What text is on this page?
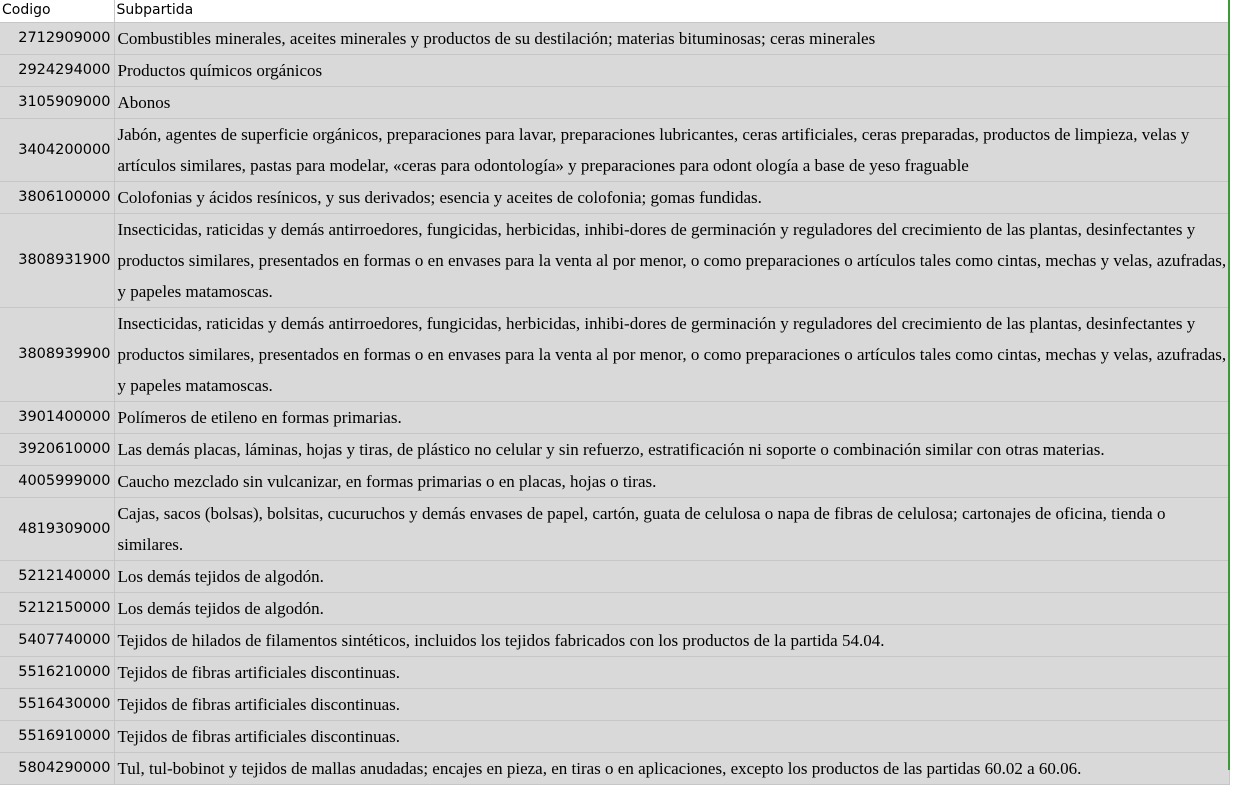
Codigo	Subpartida
2712909000	Combustibles minerales, aceites minerales y productos de su destilación; materias bituminosas; ceras minerales
2924294000	Productos químicos orgánicos
3105909000	Abonos
3404200000	Jabón, agentes de superficie orgánicos, preparaciones para lavar, preparaciones lubricantes, ceras artificiales, ceras preparadas, productos de limpieza, velas y artículos similares, pastas para modelar, «ceras para odontología» y preparaciones para odont ología a base de yeso fraguable
3806100000	Colofonias y ácidos resínicos, y sus derivados; esencia y aceites de colofonia; gomas fundidas.
3808931900	Insecticidas, raticidas y demás antirroedores, fungicidas, herbicidas, inhibi-dores de germinación y reguladores del crecimiento de las plantas, desinfectantes y productos similares, presentados en formas o en envases para la venta al por menor, o como preparaciones o artículos tales como cintas, mechas y velas, azufradas, y papeles matamoscas.
3808939900	Insecticidas, raticidas y demás antirroedores, fungicidas, herbicidas, inhibi-dores de germinación y reguladores del crecimiento de las plantas, desinfectantes y productos similares, presentados en formas o en envases para la venta al por menor, o como preparaciones o artículos tales como cintas, mechas y velas, azufradas, y papeles matamoscas.
3901400000	Polímeros de etileno en formas primarias.
3920610000	Las demás placas, láminas, hojas y tiras, de plástico no celular y sin refuerzo, estratificación ni soporte o combinación similar con otras materias.
4005999000	Caucho mezclado sin vulcanizar, en formas primarias o en placas, hojas o tiras.
4819309000	Cajas, sacos (bolsas), bolsitas, cucuruchos y demás envases de papel, cartón, guata de celulosa o napa de fibras de celulosa; cartonajes de oficina, tienda o similares.
5212140000	Los demás tejidos de algodón.
5212150000	Los demás tejidos de algodón.
5407740000	Tejidos de hilados de filamentos sintéticos, incluidos los tejidos fabricados con los productos de la partida 54.04.
5516210000	Tejidos de fibras artificiales discontinuas.
5516430000	Tejidos de fibras artificiales discontinuas.
5516910000	Tejidos de fibras artificiales discontinuas.
5804290000	Tul, tul-bobinot y tejidos de mallas anudadas; encajes en pieza, en tiras o en aplicaciones, excepto los productos de las partidas 60.02 a 60.06.
